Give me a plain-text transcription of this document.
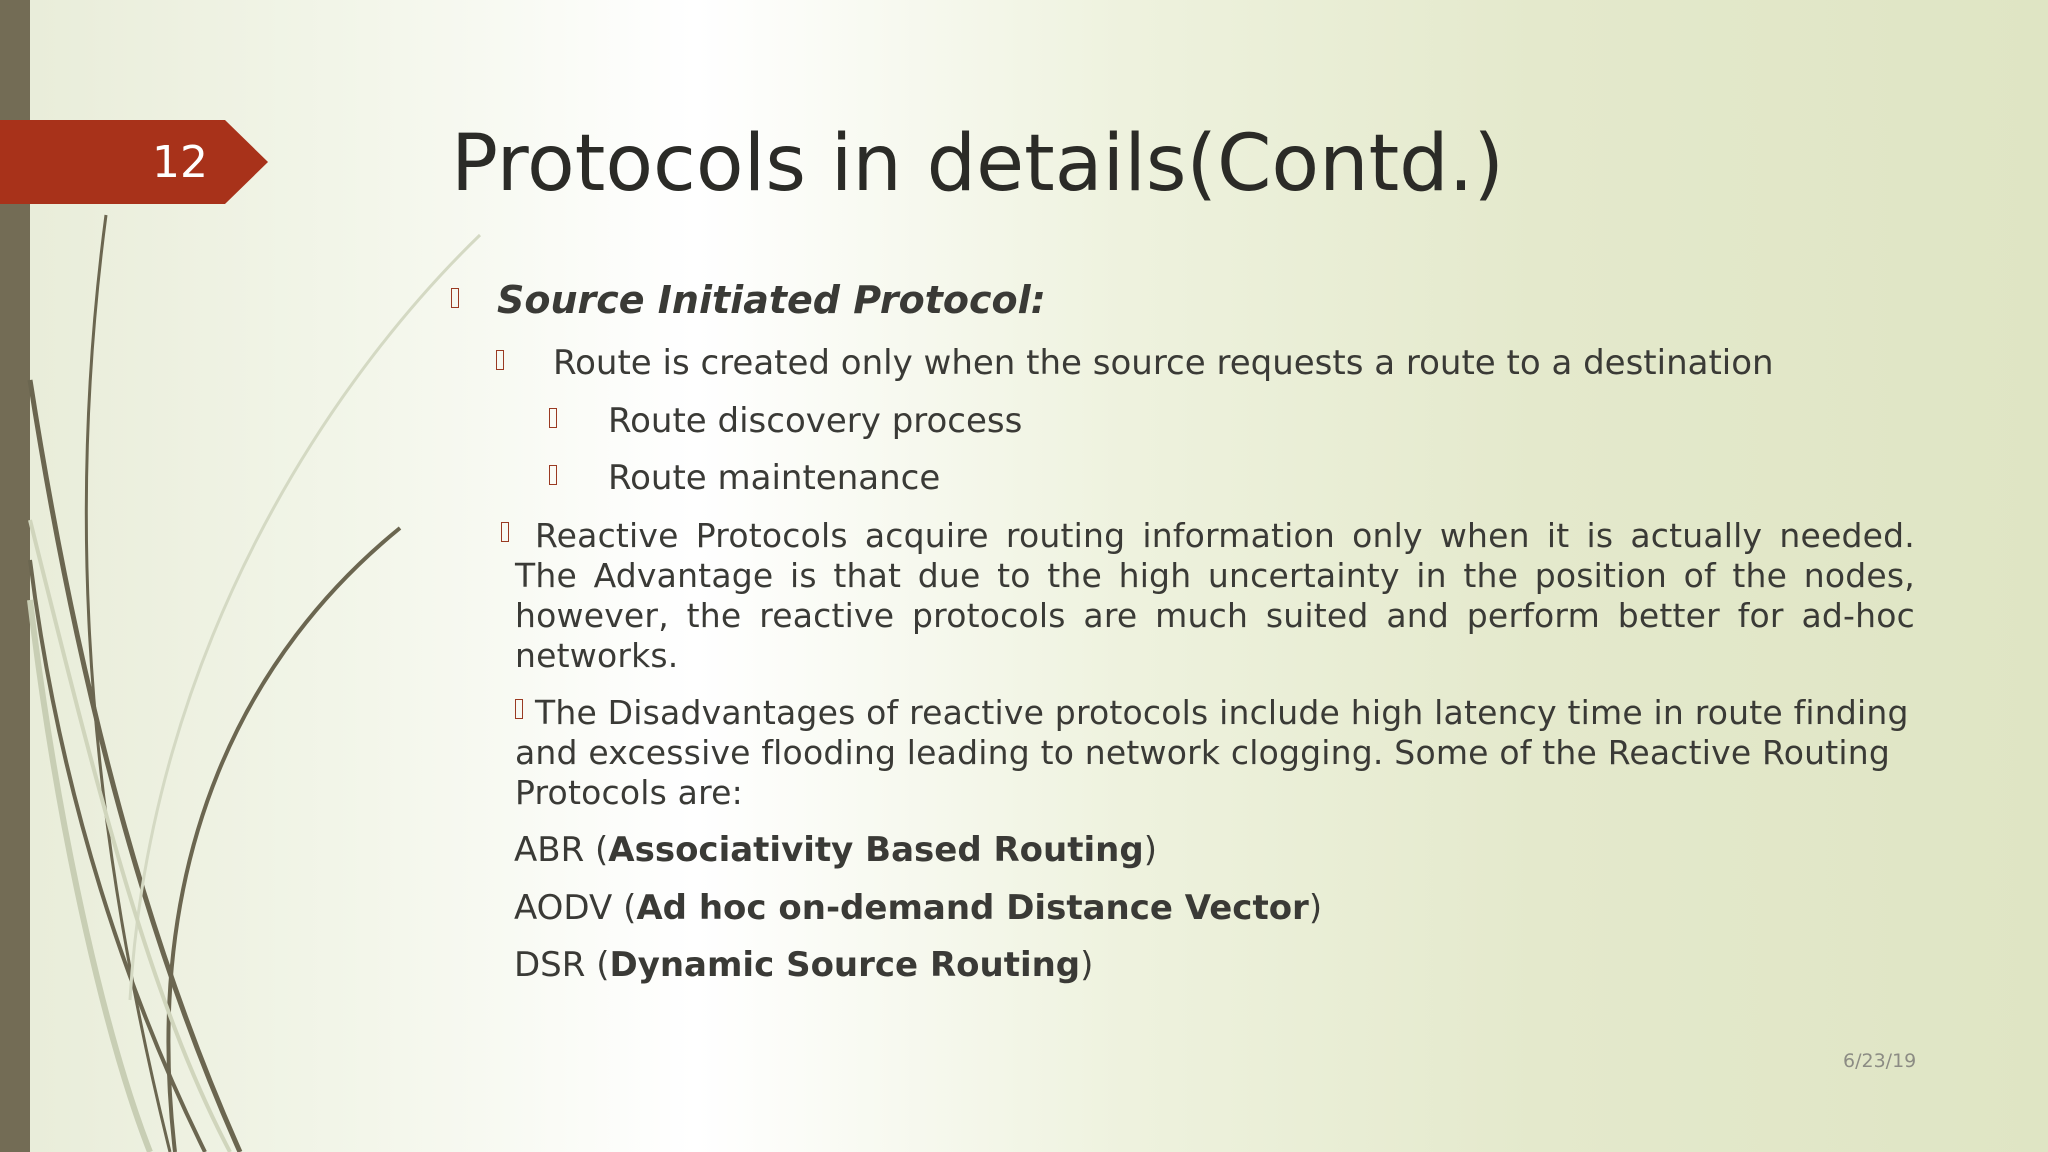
12	Protocols in details(Contd.)
Source Initiated Protocol:
Route is created only when the source requests a route to a destination
Route discovery process
Route maintenance
Reactive Protocols acquire routing information only when it is actually needed. The Advantage is that due to the high uncertainty in the position of the nodes, however, the reactive protocols are much suited and perform better for ad-hoc networks.
The Disadvantages of reactive protocols include high latency time in route finding
and excessive flooding leading to network clogging. Some of the Reactive Routing
Protocols are:
ABR (Associativity Based Routing)
AODV (Ad hoc on-demand Distance Vector)
DSR (Dynamic Source Routing)
6/23/19
